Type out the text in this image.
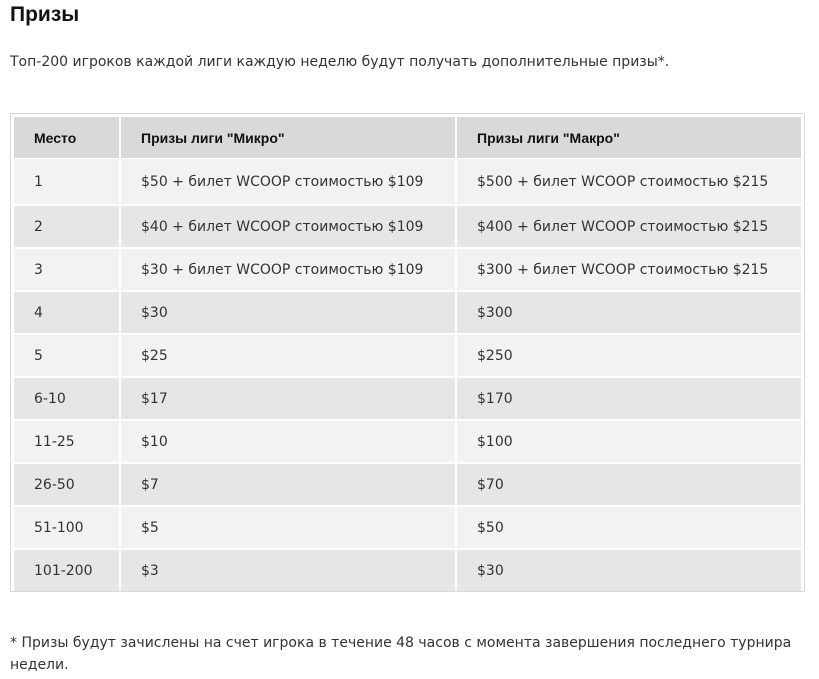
Призы

Топ-200 игроков каждой лиги каждую неделю будут получать дополнительные призы*.

Место	Призы лиги "Микро"	Призы лиги "Макро"
1	$50 + билет WCOOP стоимостью $109	$500 + билет WCOOP стоимостью $215
2	$40 + билет WCOOP стоимостью $109	$400 + билет WCOOP стоимостью $215
3	$30 + билет WCOOP стоимостью $109	$300 + билет WCOOP стоимостью $215
4	$30	$300
5	$25	$250
6-10	$17	$170
11-25	$10	$100
26-50	$7	$70
51-100	$5	$50
101-200	$3	$30

* Призы будут зачислены на счет игрока в течение 48 часов с момента завершения последнего турнира недели.
